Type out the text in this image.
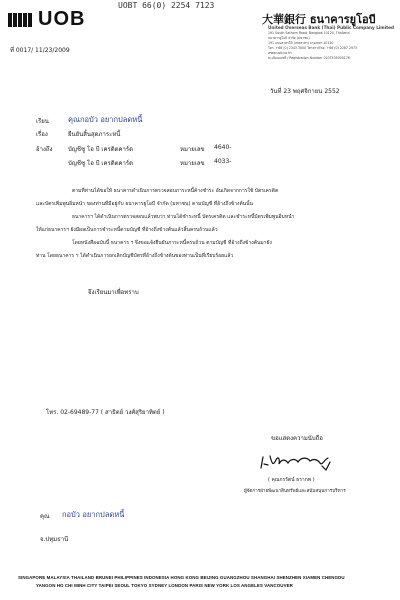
UOB
UOBT 66(0) 2254 7123
大華銀行 ธนาคารยูโอบี
United Overseas Bank (Thai) Public Company Limited
191 South Sathorn Road, Bangkok 10120, Thailand.
ธนาคารยูโอบี จำกัด (มหาชน)
191 ถนนสาทรใต้ (เขตสาทร) กรุงเทพฯ 10120
โทร. +66 (0) 2343 3000 โทรสาร/Fax. +66 (0) 2287 2973
www.uob.co.th
ทะเบียนเลขที่ / Registration Number 0107535000176
ที่ 0017/ 11/23/2009
วันที่ 23 พฤศจิกายน 2552
เรียน	คุณกอบัว อยากปลดหนี้
เรื่อง	ยืนยันสิ้นสุดภาระหนี้
อ้างถึง	บัญชีซู โอ บี เครดิตคาร์ด	หมายเลข 4640-
บัญชีซู โอ บี เครดิตคาร์ด	หมายเลข 4033-
ตามที่ท่านได้ขอให้ ธนาคารดำเนินการตรวจสอบภาระหนี้ค้างชำระ อันเกิดจากการใช้ บัตรเครดิต
และบัตรเพิ่มพูนอิ่มหนำ ของท่านที่มีอยู่กับ ธนาคารยูโอบี จำกัด (มหาชน) ตามบัญชี ที่อ้างถึงข้างต้นนั้น
ธนาคารฯ ได้ดำเนินการตรวจสอบแล้วพบว่า ท่านได้ชำระหนี้ บัตรเครดิต และชำระหนี้บัตรเพิ่มพูนอิ่มหนำ
ให้แก่ธนาคารฯ ยังมีผลเป็นการชำระหนี้ตามบัญชี ที่อ้างถึงข้างต้นแล้วสิ้นครบถ้วนแล้ว
โดยหนังสือฉบับนี้ ธนาคาร ฯ จึงขอแจ้งยืนยันภาระหนี้ครบถ้วน ตามบัญชี ที่อ้างถึงข้างต้นมายัง
ท่าน โดยธนาคาร ฯ ได้ดำเนินการยกเลิกบัญชีบัตรที่อ้างถึงข้างต้นของท่านเป็นที่เรียบร้อยแล้ว
จึงเรียนมาเพื่อทราบ
ขอแสดงความนับถือ
( คุณกรรัตน์ ธรากพ )
ผู้จัดการฝ่ายพัฒนาสินทรัพย์และสนับสนุนการบริหาร
โทร. 02-69489-77 ( สาธิตย์ วงศ์สุริยาทิตย์ )
คุณ กอบัว อยากปลดหนี้
จ.ปทุมธานี
SINGAPORE MALAYSIA THAILAND BRUNEI PHILIPPINES INDONESIA HONG KONG BEIJING GUANGZHOU SHANGHAI SHENZHEN XIAMEN CHENGDU
YANGON HO CHI MINH CITY TAIPEI SEOUL TOKYO SYDNEY LONDON PARIS NEW YORK LOS ANGELES VANCOUVER
